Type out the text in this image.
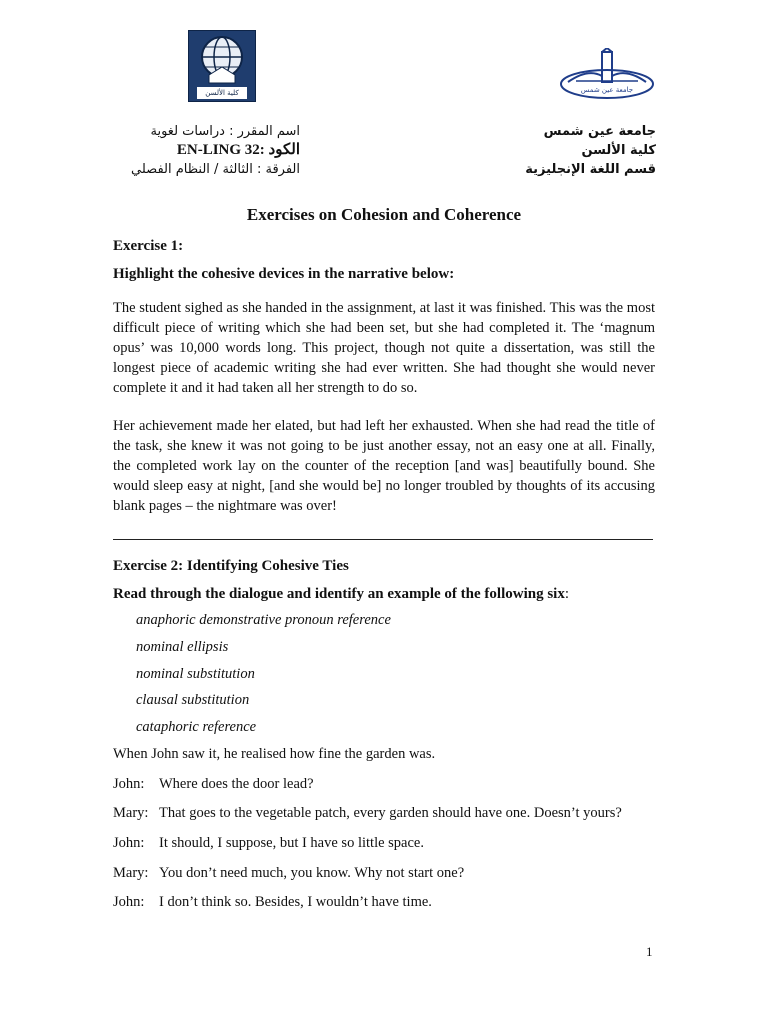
كلية الألسن	جامعة عين شمس
اسم المقرر : دراسات لغوية
الكود :EN-LING 32
الفرقة : الثالثة / النظام الفصلي
جامعة عين شمس
كلية الألسن
قسم اللغة الإنجليزية
Exercises on Cohesion and Coherence
Exercise 1:
Highlight the cohesive devices in the narrative below:
The student sighed as she handed in the assignment, at last it was finished. This was the most difficult piece of writing which she had been set, but she had completed it. The ‘magnum opus’ was 10,000 words long. This project, though not quite a dissertation, was still the longest piece of academic writing she had ever written. She had thought she would never complete it and it had taken all her strength to do so.
Her achievement made her elated, but had left her exhausted. When she had read the title of the task, she knew it was not going to be just another essay, not an easy one at all. Finally, the completed work lay on the counter of the reception [and was] beautifully bound. She would sleep easy at night, [and she would be] no longer troubled by thoughts of its accusing blank pages – the nightmare was over!
Exercise 2: Identifying Cohesive Ties
Read through the dialogue and identify an example of the following six:
anaphoric demonstrative pronoun reference
nominal ellipsis
nominal substitution
clausal substitution
cataphoric reference
When John saw it, he realised how fine the garden was.
John: Where does the door lead?
Mary: That goes to the vegetable patch, every garden should have one. Doesn’t yours?
John: It should, I suppose, but I have so little space.
Mary: You don’t need much, you know. Why not start one?
John: I don’t think so. Besides, I wouldn’t have time.
1
